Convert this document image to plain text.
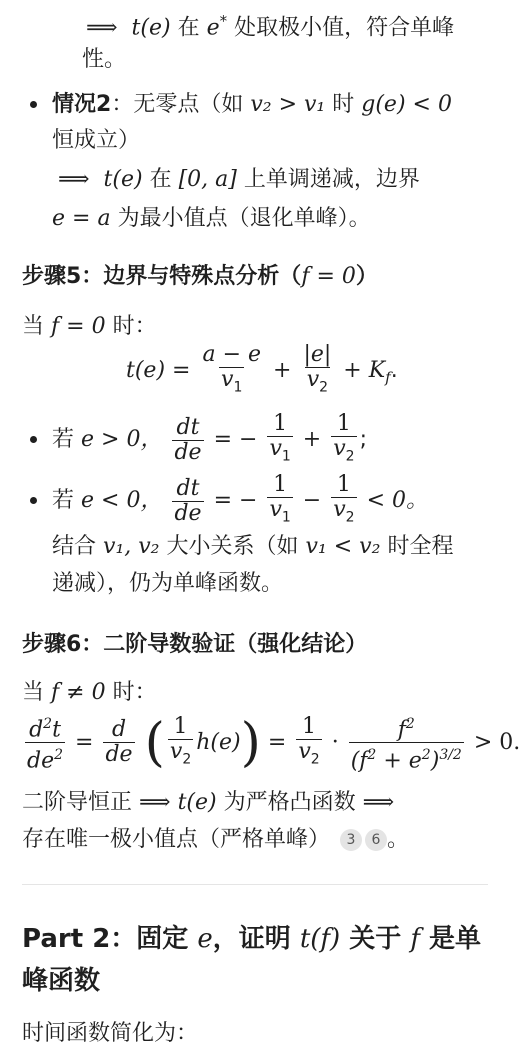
⟹ t(e) 在 e* 处取极小值，符合单峰
性。
情况2：无零点（如 v₂ > v₁ 时 g(e) < 0
恒成立）
⟹ t(e) 在 [0, a] 上单调递减，边界
e = a 为最小值点（退化单峰）。
步骤5：边界与特殊点分析（f = 0）
当 f = 0 时：
$t(e) = \frac{a - e}{v_1} + \frac{|e|}{v_2} + K_f$.
若 e > 0， $\frac{dt}{de}$ = − $\frac{1}{v_1} + \frac{1}{v_2}$ ;
若 e < 0， $\frac{dt}{de}$ = − $\frac{1}{v_1} - \frac{1}{v_2} < 0$。
结合 v₁, v₂ 大小关系（如 v₁ < v₂ 时全程
递减），仍为单峰函数。
步骤6：二阶导数验证（强化结论）
当 f ≠ 0 时：
$\frac{d^2t}{de^2} = \frac{d}{de}$ ( $\frac{1}{v_2} h(e)) = \frac{1}{v_2} \cdot \frac{f^2}{(f^2 + e^2)^{3/2}} > 0$.
二阶导恒正 ⟹ t(e) 为严格凸函数 ⟹
存在唯一极小值点（严格单峰） 3 6 。
Part 2：固定 e，证明 t(f) 关于 f 是单
峰函数
时间函数简化为：
